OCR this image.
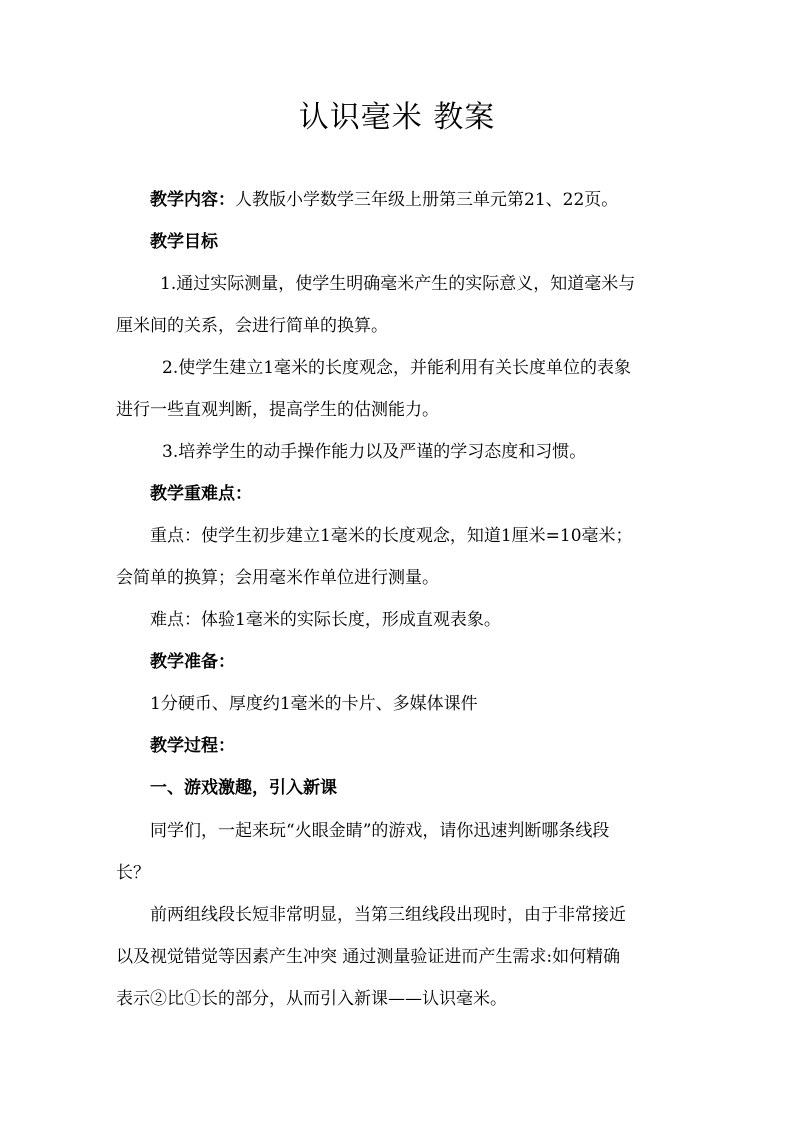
认识毫米 教案
教学内容：人教版小学数学三年级上册第三单元第21、22页。
教学目标
1.通过实际测量，使学生明确毫米产生的实际意义，知道毫米与
厘米间的关系，会进行简单的换算。
2.使学生建立1毫米的长度观念，并能利用有关长度单位的表象
进行一些直观判断，提高学生的估测能力。
3.培养学生的动手操作能力以及严谨的学习态度和习惯。
教学重难点：
重点：使学生初步建立1毫米的长度观念，知道1厘米=10毫米；
会简单的换算；会用毫米作单位进行测量。
难点：体验1毫米的实际长度，形成直观表象。
教学准备：
1分硬币、厚度约1毫米的卡片、多媒体课件
教学过程：
一、游戏激趣，引入新课
同学们，一起来玩“火眼金睛”的游戏，请你迅速判断哪条线段
长？
前两组线段长短非常明显，当第三组线段出现时，由于非常接近
以及视觉错觉等因素产生冲突 通过测量验证进而产生需求:如何精确
表示②比①长的部分，从而引入新课——认识毫米。
